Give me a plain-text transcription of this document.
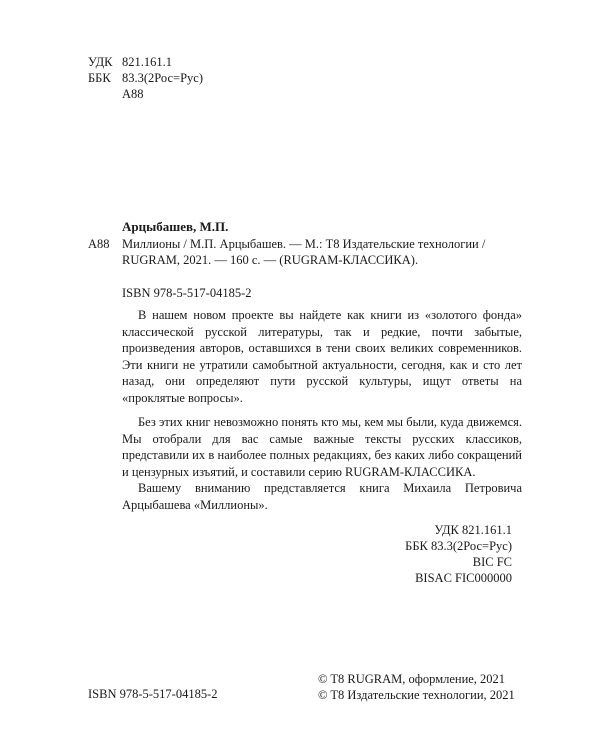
УДК 821.161.1
ББК 83.3(2Рос=Рус)
А88
Арцыбашев, М.П.
А88 Миллионы / М.П. Арцыбашев. — М.: T8 Издательские технологии / RUGRAM, 2021. — 160 с. — (RUGRAM-КЛАССИКА).
ISBN 978-5-517-04185-2

В нашем новом проекте вы найдете как книги из «золотого фонда» классической русской литературы, так и редкие, почти забытые, произведения авторов, оставшихся в тени своих великих современников. Эти книги не утратили самобытной актуальности, сегодня, как и сто лет назад, они определяют пути русской культуры, ищут ответы на «проклятые вопросы».

Без этих книг невозможно понять кто мы, кем мы были, куда движемся. Мы отобрали для вас самые важные тексты русских классиков, представили их в наиболее полных редакциях, без каких либо сокращений и цензурных изъятий, и составили серию RUGRAM-КЛАССИКА.

Вашему вниманию представляется книга Михаила Петровича Арцыбашева «Миллионы».

УДК 821.161.1
ББК 83.3(2Рос=Рус)
BIC FC
BISAC FIC000000
© T8 RUGRAM, оформление, 2021
© T8 Издательские технологии, 2021
ISBN 978-5-517-04185-2
